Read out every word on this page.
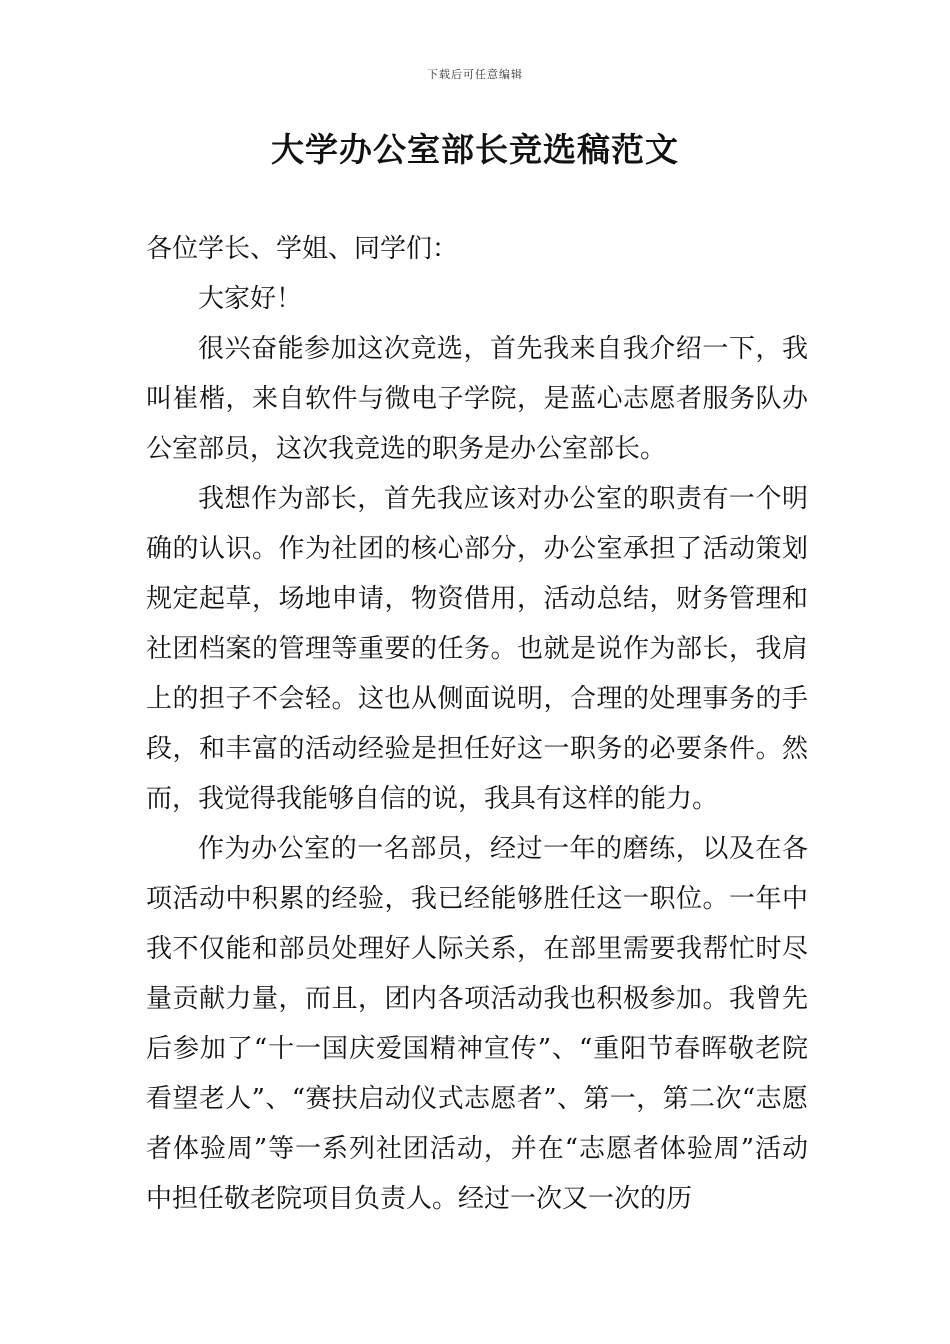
下载后可任意编辑
大学办公室部长竞选稿范文

各位学长、学姐、同学们：

大家好！

很兴奋能参加这次竞选，首先我来自我介绍一下，我叫崔楷，来自软件与微电子学院，是蓝心志愿者服务队办公室部员，这次我竞选的职务是办公室部长。

我想作为部长，首先我应该对办公室的职责有一个明确的认识。作为社团的核心部分，办公室承担了活动策划规定起草，场地申请，物资借用，活动总结，财务管理和社团档案的管理等重要的任务。也就是说作为部长，我肩上的担子不会轻。这也从侧面说明，合理的处理事务的手段，和丰富的活动经验是担任好这一职务的必要条件。然而，我觉得我能够自信的说，我具有这样的能力。

作为办公室的一名部员，经过一年的磨练，以及在各项活动中积累的经验，我已经能够胜任这一职位。一年中我不仅能和部员处理好人际关系，在部里需要我帮忙时尽量贡献力量，而且，团内各项活动我也积极参加。我曾先后参加了“十一国庆爱国精神宣传”、“重阳节春晖敬老院看望老人”、“赛扶启动仪式志愿者”、第一，第二次“志愿者体验周”等一系列社团活动，并在“志愿者体验周”活动中担任敬老院项目负责人。经过一次又一次的历
